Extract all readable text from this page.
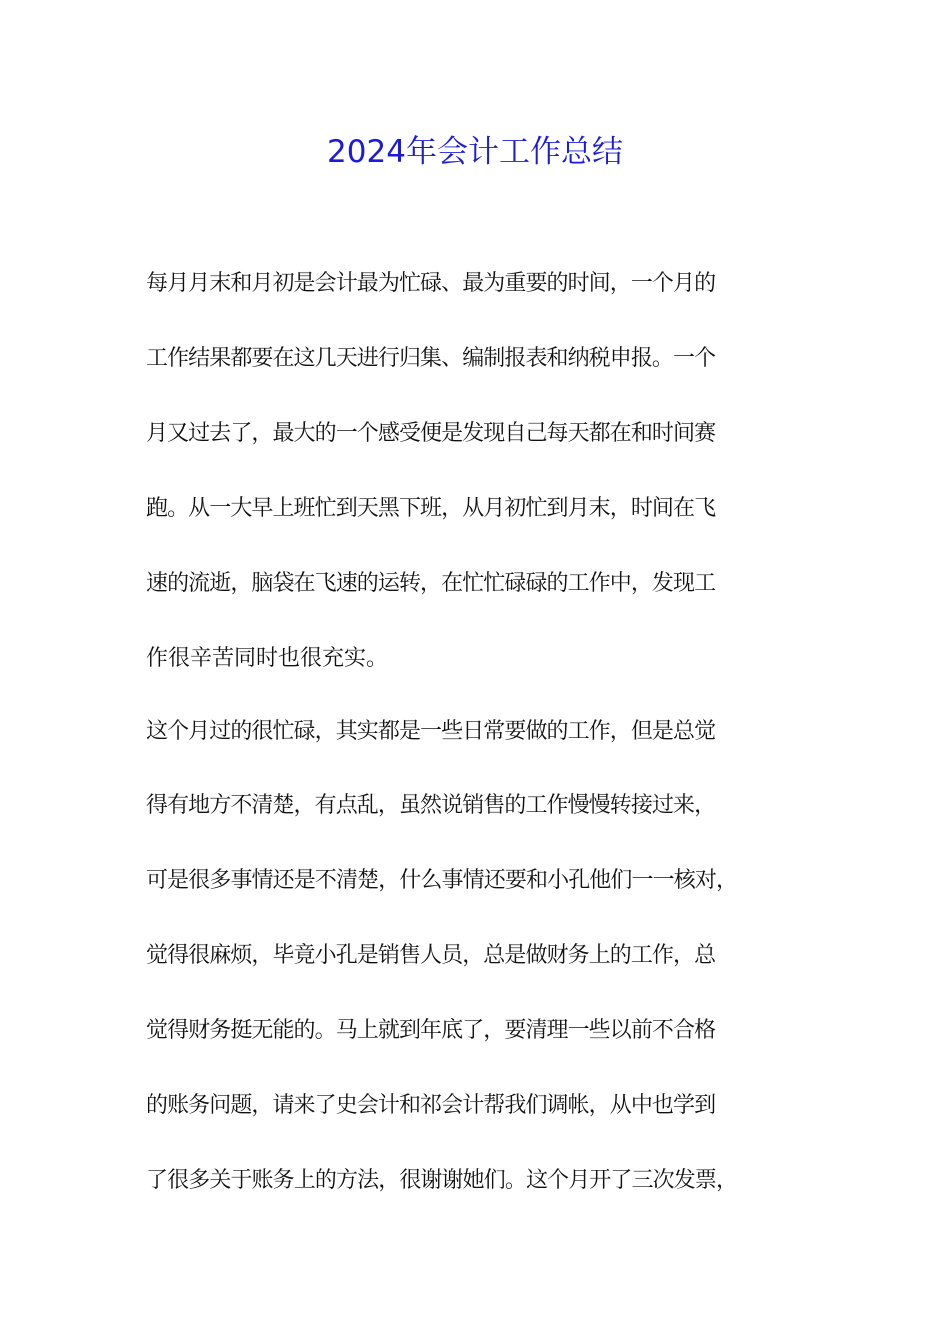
2024年会计工作总结
每月月末和月初是会计最为忙碌、最为重要的时间，一个月的
工作结果都要在这几天进行归集、编制报表和纳税申报。一个
月又过去了，最大的一个感受便是发现自己每天都在和时间赛
跑。从一大早上班忙到天黑下班，从月初忙到月末，时间在飞
速的流逝，脑袋在飞速的运转，在忙忙碌碌的工作中，发现工
作很辛苦同时也很充实。
这个月过的很忙碌，其实都是一些日常要做的工作，但是总觉
得有地方不清楚，有点乱，虽然说销售的工作慢慢转接过来，
可是很多事情还是不清楚，什么事情还要和小孔他们一一核对，
觉得很麻烦，毕竟小孔是销售人员，总是做财务上的工作，总
觉得财务挺无能的。马上就到年底了，要清理一些以前不合格
的账务问题，请来了史会计和祁会计帮我们调帐，从中也学到
了很多关于账务上的方法，很谢谢她们。这个月开了三次发票，
